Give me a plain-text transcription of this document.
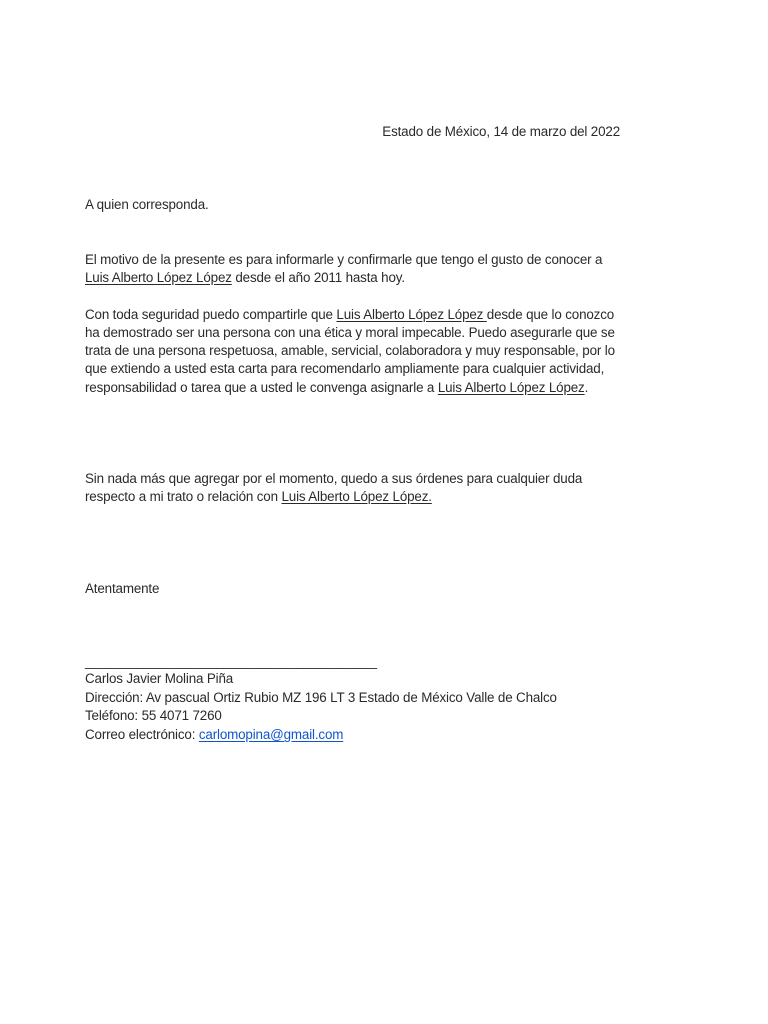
Estado de México, 14 de marzo del 2022
A quien corresponda.
El motivo de la presente es para informarle y confirmarle que tengo el gusto de conocer a
Luis Alberto López López desde el año 2011 hasta hoy.
Con toda seguridad puedo compartirle que Luis Alberto López López desde que lo conozco
ha demostrado ser una persona con una ética y moral impecable. Puedo asegurarle que se
trata de una persona respetuosa, amable, servicial, colaboradora y muy responsable, por lo
que extiendo a usted esta carta para recomendarlo ampliamente para cualquier actividad,
responsabilidad o tarea que a usted le convenga asignarle a Luis Alberto López López.
Sin nada más que agregar por el momento, quedo a sus órdenes para cualquier duda
respecto a mi trato o relación con Luis Alberto López López.
Atentamente
________________________________________
Carlos Javier Molina Piña
Dirección: Av pascual Ortiz Rubio MZ 196 LT 3 Estado de México Valle de Chalco
Teléfono: 55 4071 7260
Correo electrónico: carlomopina@gmail.com
